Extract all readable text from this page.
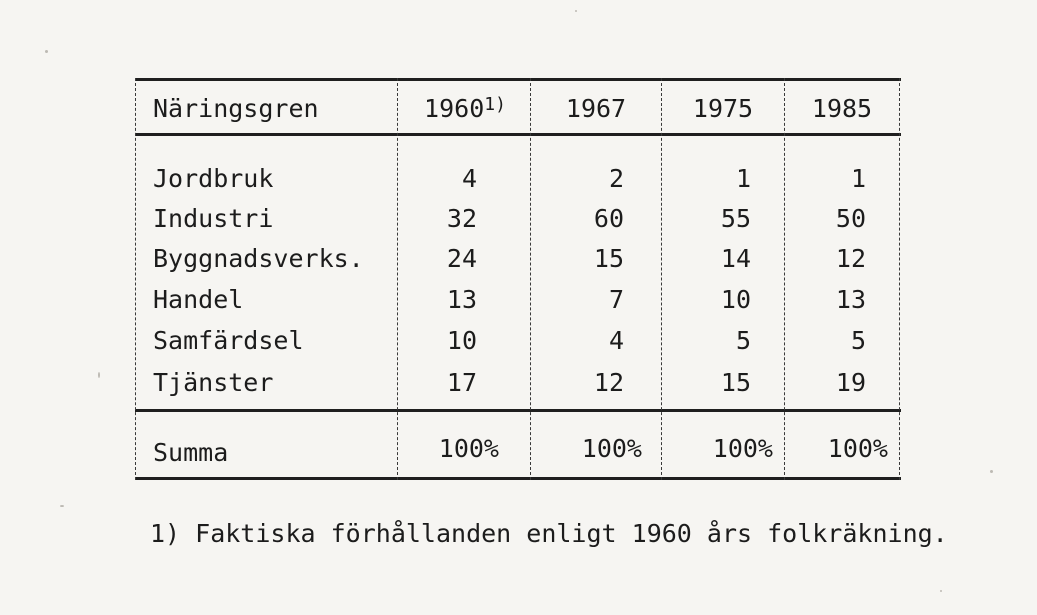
Näringsgren	1960$^{1)}$	1967	1975	1985
Jordbruk	4	2	1	1
Industri	32	60	55	50
Byggnadsverks.	24	15	14	12
Handel	13	7	10	13
Samfärdsel	10	4	5	5
Tjänster	17	12	15	19
Summa	100%	100%	100%	100%
1) Faktiska förhållanden enligt 1960 års folkräkning.
